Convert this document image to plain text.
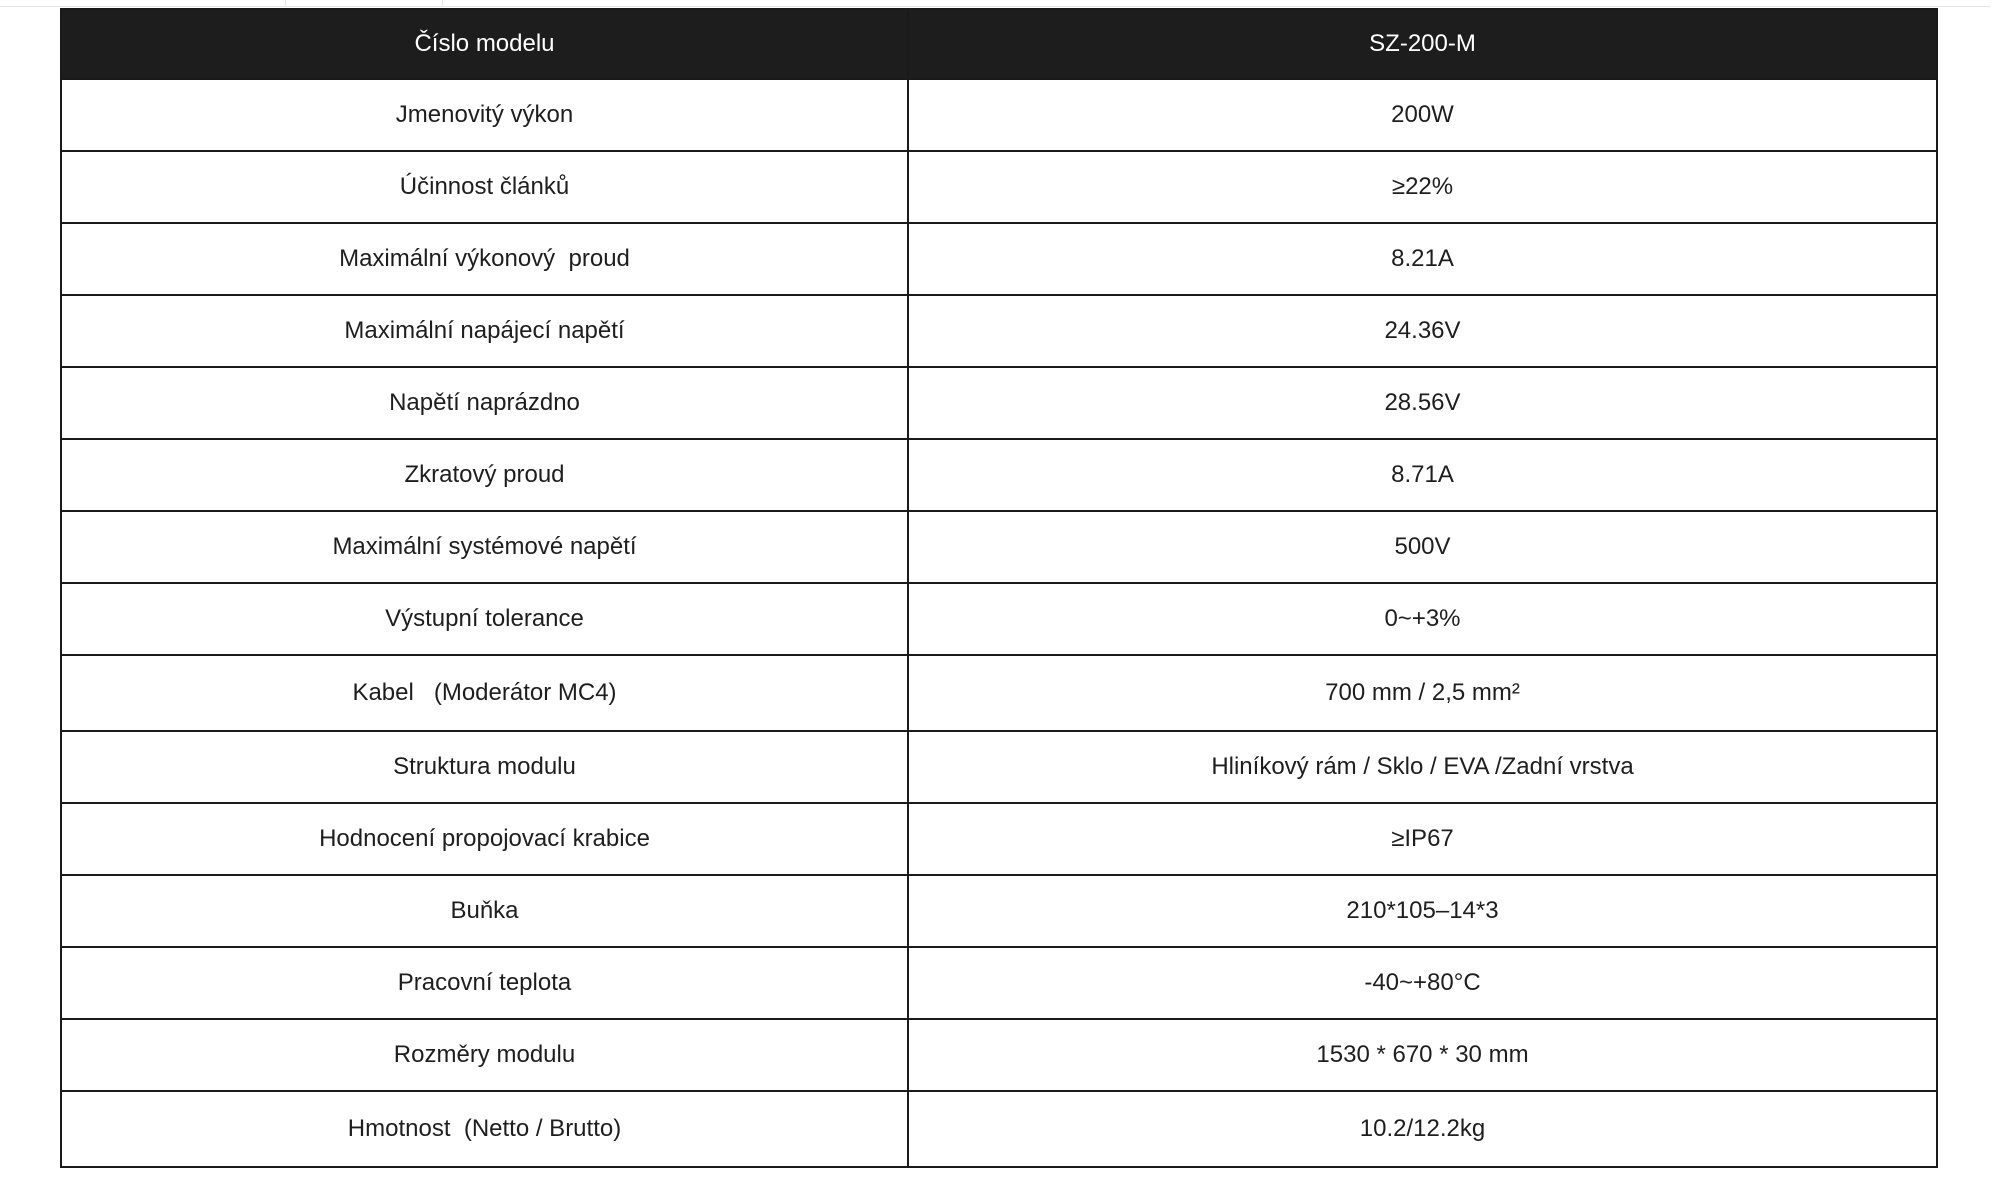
Číslo modelu	SZ-200-M
Jmenovitý výkon	200W
Účinnost článků	≥22%
Maximální výkonový  proud	8.21A
Maximální napájecí napětí	24.36V
Napětí naprázdno	28.56V
Zkratový proud	8.71A
Maximální systémové napětí	500V
Výstupní tolerance	0~+3%
Kabel   (Moderátor MC4)	700 mm / 2,5 mm²
Struktura modulu	Hliníkový rám / Sklo / EVA /Zadní vrstva
Hodnocení propojovací krabice	≥IP67
Buňka	210*105–14*3
Pracovní teplota	-40~+80°C
Rozměry modulu	1530 * 670 * 30 mm
Hmotnost  (Netto / Brutto)	10.2/12.2kg
